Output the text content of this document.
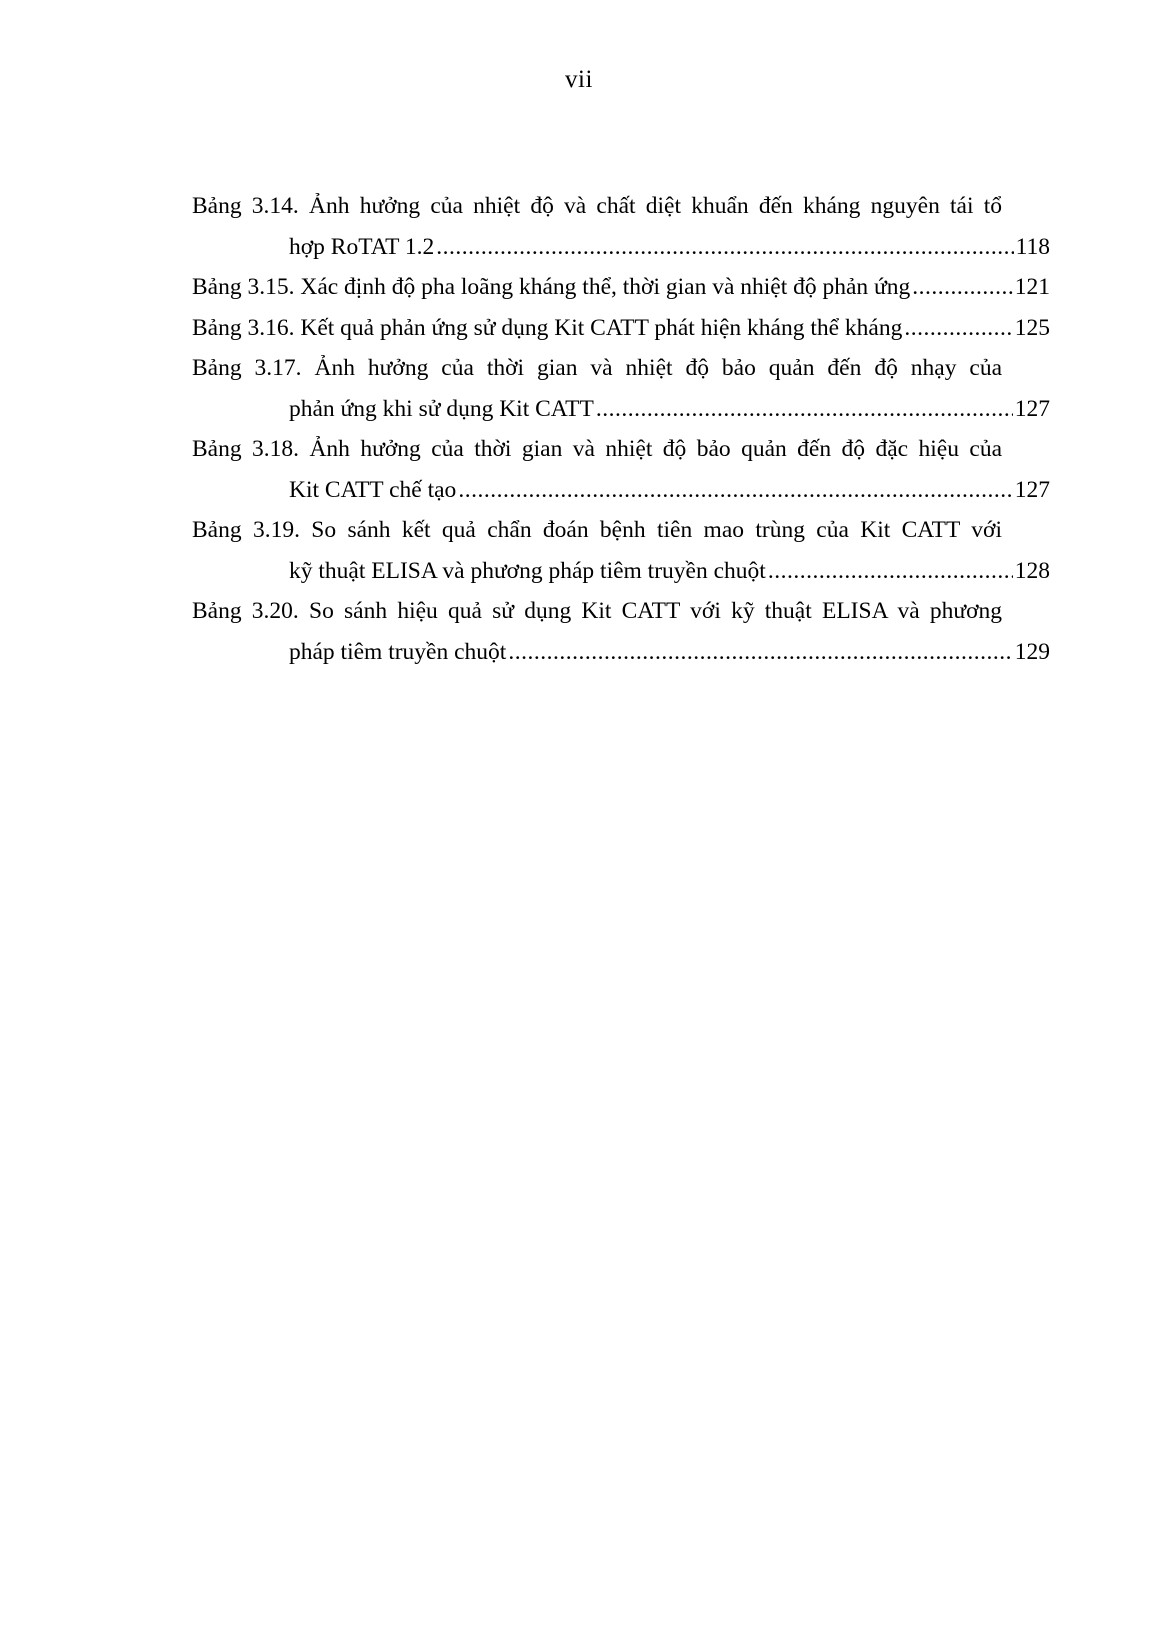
vii
Bảng 3.14. Ảnh hưởng của nhiệt độ và chất diệt khuẩn đến kháng nguyên tái tổ
hợp RoTAT 1.2 .....	118
Bảng 3.15. Xác định độ pha loãng kháng thể, thời gian và nhiệt độ phản ứng .....	121
Bảng 3.16. Kết quả phản ứng sử dụng Kit CATT phát hiện kháng thể kháng .....	125
Bảng 3.17. Ảnh hưởng của thời gian và nhiệt độ bảo quản đến độ nhạy của
phản ứng khi sử dụng Kit CATT .....	127
Bảng 3.18. Ảnh hưởng của thời gian và nhiệt độ bảo quản đến độ đặc hiệu của
Kit CATT chế tạo .....	127
Bảng 3.19. So sánh kết quả chẩn đoán bệnh tiên mao trùng của Kit CATT với
kỹ thuật ELISA và phương pháp tiêm truyền chuột .....	128
Bảng 3.20. So sánh hiệu quả sử dụng Kit CATT với kỹ thuật ELISA và phương
pháp tiêm truyền chuột .....	129
